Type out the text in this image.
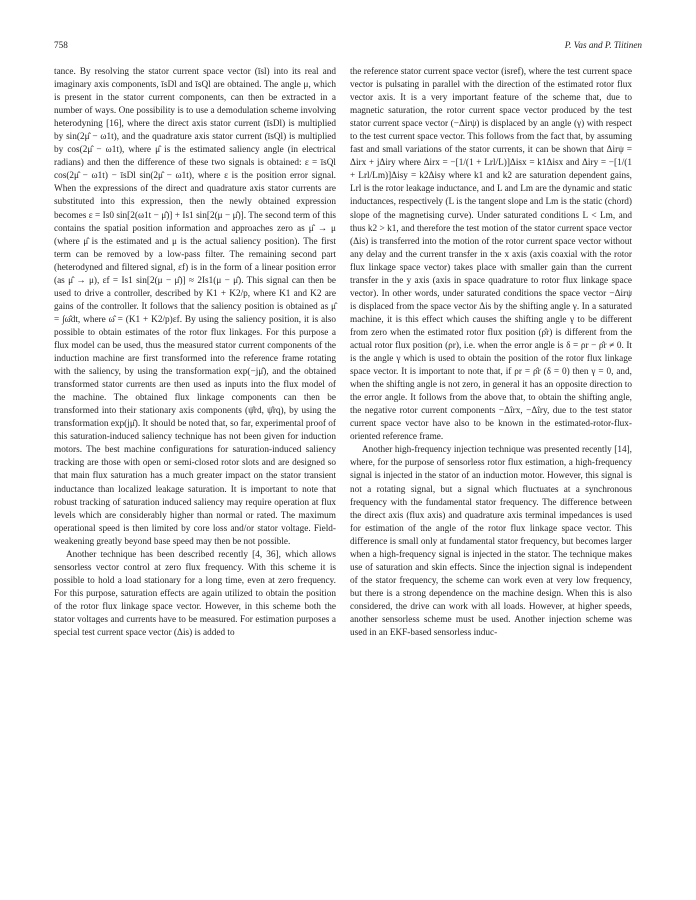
758	P. Vas and P. Tiitinen

tance. By resolving the stator current space vector (īsl) into its real and imaginary axis components, īsDl and īsQl are obtained. The angle μ, which is present in the stator current components, can then be extracted in a number of ways. One possibility is to use a demodulation scheme involving heterodyning [16], where the direct axis stator current (īsDl) is multiplied by sin(2μ̂ − ω1t), and the quadrature axis stator current (īsQl) is multiplied by cos(2μ̂ − ω1t), where μ̂ is the estimated saliency angle (in electrical radians) and then the difference of these two signals is obtained: ε = īsQl cos(2μ̂ − ω1t) − īsDl sin(2μ̂ − ω1t), where ε is the position error signal. When the expressions of the direct and quadrature axis stator currents are substituted into this expression, then the newly obtained expression becomes ε = Is0 sin[2(ω1t − μ̂)] + Is1 sin[2(μ − μ̂)]. The second term of this contains the spatial position information and approaches zero as μ̂ → μ (where μ̂ is the estimated and μ is the actual saliency position). The first term can be removed by a low-pass filter. The remaining second part (heterodyned and filtered signal, εf) is in the form of a linear position error (as μ̂ → μ), εf = Is1 sin[2(μ − μ̂)] ≈ 2Is1(μ − μ̂). This signal can then be used to drive a controller, described by K1 + K2/p, where K1 and K2 are gains of the controller. It follows that the saliency position is obtained as μ̂ = ∫ω̂dt, where ω̂ = (K1 + K2/p)εf. By using the saliency position, it is also possible to obtain estimates of the rotor flux linkages. For this purpose a flux model can be used, thus the measured stator current components of the induction machine are first transformed into the reference frame rotating with the saliency, by using the transformation exp(−jμ̂), and the obtained transformed stator currents are then used as inputs into the flux model of the machine. The obtained flux linkage components can then be transformed into their stationary axis components (ψ̂rd, ψ̂rq), by using the transformation exp(jμ̂). It should be noted that, so far, experimental proof of this saturation-induced saliency technique has not been given for induction motors. The best machine configurations for saturation-induced saliency tracking are those with open or semi-closed rotor slots and are designed so that main flux saturation has a much greater impact on the stator transient inductance than localized leakage saturation. It is important to note that robust tracking of saturation induced saliency may require operation at flux levels which are considerably higher than normal or rated. The maximum operational speed is then limited by core loss and/or stator voltage. Field-weakening greatly beyond base speed may then be not possible.

Another technique has been described recently [4, 36], which allows sensorless vector control at zero flux frequency. With this scheme it is possible to hold a load stationary for a long time, even at zero frequency. For this purpose, saturation effects are again utilized to obtain the position of the rotor flux linkage space vector. However, in this scheme both the stator voltages and currents have to be measured. For estimation purposes a special test current space vector (Δis) is added to

the reference stator current space vector (isref), where the test current space vector is pulsating in parallel with the direction of the estimated rotor flux vector axis. It is a very important feature of the scheme that, due to magnetic saturation, the rotor current space vector produced by the test stator current space vector (−Δirψ) is displaced by an angle (γ) with respect to the test current space vector. This follows from the fact that, by assuming fast and small variations of the stator currents, it can be shown that Δirψ = Δirx + jΔiry where Δirx = −[1/(1 + Lrl/L)]Δisx = k1Δisx and Δiry = −[1/(1 + Lrl/Lm)]Δisy = k2Δisy where k1 and k2 are saturation dependent gains, Lrl is the rotor leakage inductance, and L and Lm are the dynamic and static inductances, respectively (L is the tangent slope and Lm is the static (chord) slope of the magnetising curve). Under saturated conditions L < Lm, and thus k2 > k1, and therefore the test motion of the stator current space vector (Δis) is transferred into the motion of the rotor current space vector without any delay and the current transfer in the x axis (axis coaxial with the rotor flux linkage space vector) takes place with smaller gain than the current transfer in the y axis (axis in space quadrature to rotor flux linkage space vector). In other words, under saturated conditions the space vector −Δirψ is displaced from the space vector Δis by the shifting angle γ. In a saturated machine, it is this effect which causes the shifting angle γ to be different from zero when the estimated rotor flux position (ρ̂r) is different from the actual rotor flux position (ρr), i.e. when the error angle is δ = ρr − ρ̂r ≠ 0. It is the angle γ which is used to obtain the position of the rotor flux linkage space vector. It is important to note that, if ρr = ρ̂r (δ = 0) then γ = 0, and, when the shifting angle is not zero, in general it has an opposite direction to the error angle. It follows from the above that, to obtain the shifting angle, the negative rotor current components −Δîrx, −Δîry, due to the test stator current space vector have also to be known in the estimated-rotor-flux-oriented reference frame.

Another high-frequency injection technique was presented recently [14], where, for the purpose of sensorless rotor flux estimation, a high-frequency signal is injected in the stator of an induction motor. However, this signal is not a rotating signal, but a signal which fluctuates at a synchronous frequency with the fundamental stator frequency. The difference between the direct axis (flux axis) and quadrature axis terminal impedances is used for estimation of the angle of the rotor flux linkage space vector. This difference is small only at fundamental stator frequency, but becomes larger when a high-frequency signal is injected in the stator. The technique makes use of saturation and skin effects. Since the injection signal is independent of the stator frequency, the scheme can work even at very low frequency, but there is a strong dependence on the machine design. When this is also considered, the drive can work with all loads. However, at higher speeds, another sensorless scheme must be used. Another injection scheme was used in an EKF-based sensorless induc-
